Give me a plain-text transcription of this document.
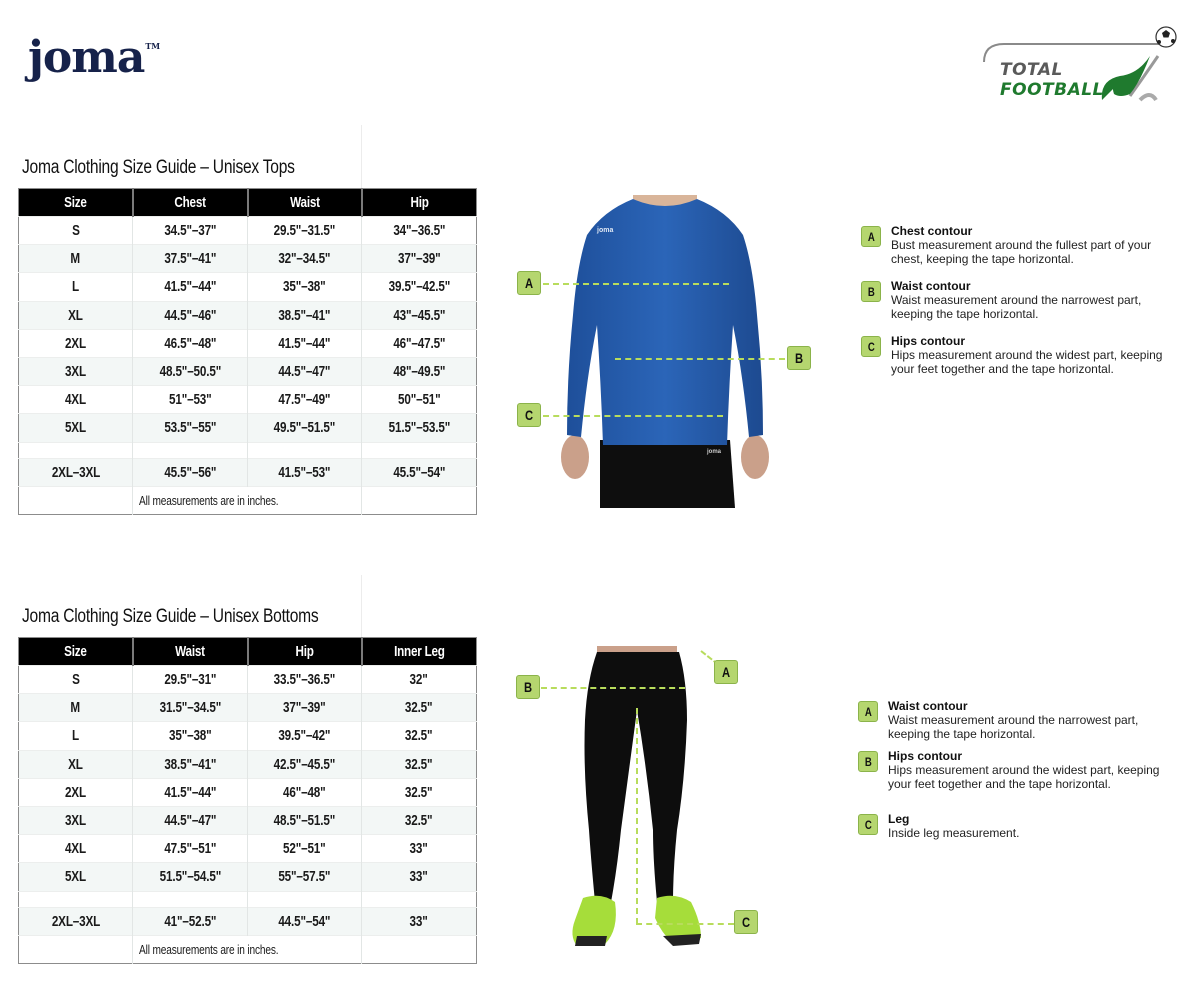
joma™
TOTAL
FOOTBALL
Joma Clothing Size Guide – Unisex Tops
Size	Chest	Waist	Hip
S	34.5"–37"	29.5"–31.5"	34"–36.5"
M	37.5"–41"	32"–34.5"	37"–39"
L	41.5"–44"	35"–38"	39.5"–42.5"
XL	44.5"–46"	38.5"–41"	43"–45.5"
2XL	46.5"–48"	41.5"–44"	46"–47.5"
3XL	48.5"–50.5"	44.5"–47"	48"–49.5"
4XL	51"–53"	47.5"–49"	50"–51"
5XL	53.5"–55"	49.5"–51.5"	51.5"–53.5"

2XL–3XL	45.5"–56"	41.5"–53"	45.5"–54"
	All measurements are in inches.		
joma
joma
A
B
C
A Chest contour
Bust measurement around the fullest part of your
chest, keeping the tape horizontal.
B Waist contour
Waist measurement around the narrowest part,
keeping the tape horizontal.
C Hips contour
Hips measurement around the widest part, keeping
your feet together and the tape horizontal.
Joma Clothing Size Guide – Unisex Bottoms
Size	Waist	Hip	Inner Leg
S	29.5"–31"	33.5"–36.5"	32"
M	31.5"–34.5"	37"–39"	32.5"
L	35"–38"	39.5"–42"	32.5"
XL	38.5"–41"	42.5"–45.5"	32.5"
2XL	41.5"–44"	46"–48"	32.5"
3XL	44.5"–47"	48.5"–51.5"	32.5"
4XL	47.5"–51"	52"–51"	33"
5XL	51.5"–54.5"	55"–57.5"	33"

2XL–3XL	41"–52.5"	44.5"–54"	33"
	All measurements are in inches.		
A
B
C
A Waist contour
Waist measurement around the narrowest part,
keeping the tape horizontal.
B Hips contour
Hips measurement around the widest part, keeping
your feet together and the tape horizontal.
C Leg
Inside leg measurement.
